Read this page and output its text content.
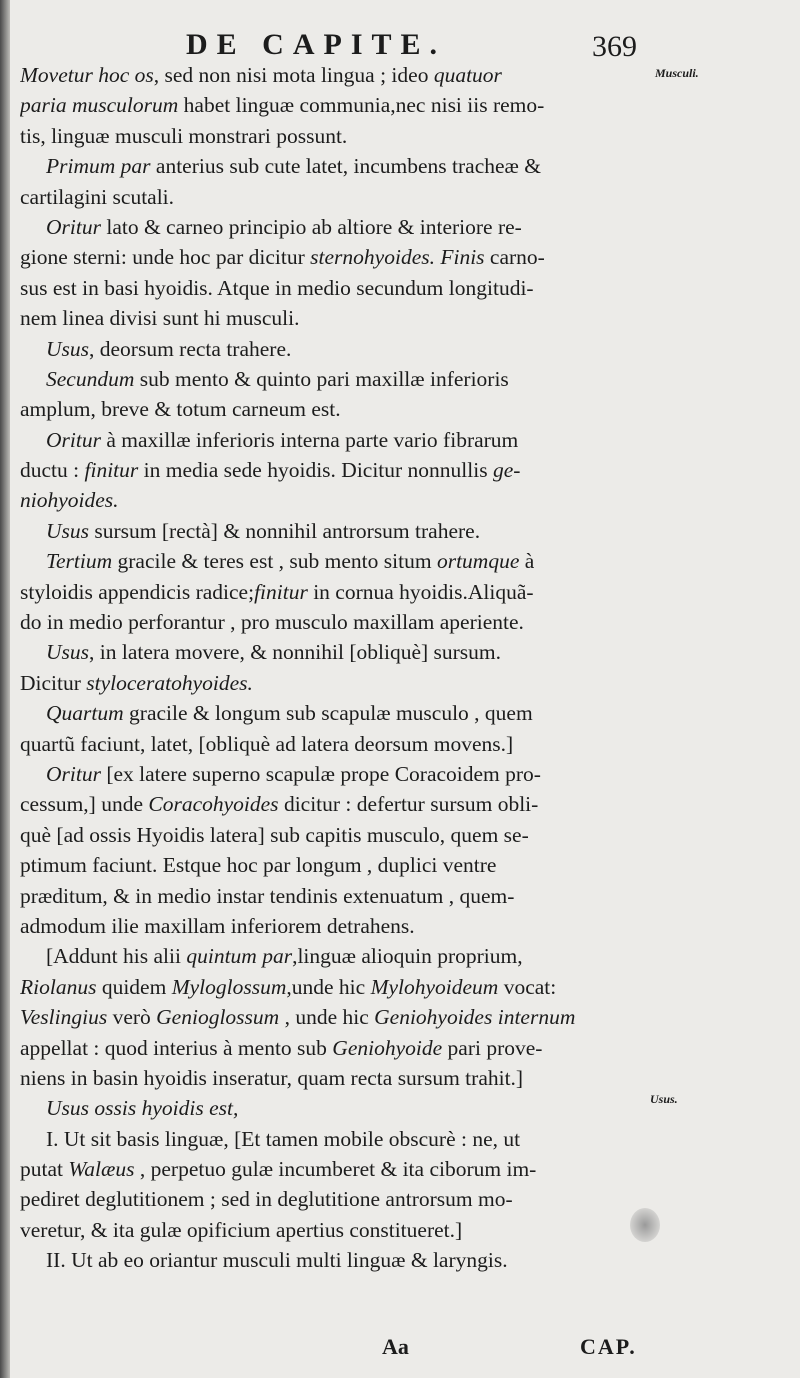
DE CAPITE.	369
Musculi.
Usus.
Movetur hoc os, sed non nisi mota lingua ; ideo quatuor
paria musculorum habet linguæ communia,nec nisi iis remo-
tis, linguæ musculi monstrari possunt.
Primum par anterius sub cute latet, incumbens tracheæ &
cartilagini scutali.
Oritur lato & carneo principio ab altiore & interiore re-
gione sterni: unde hoc par dicitur sternohyoides. Finis carno-
sus est in basi hyoidis. Atque in medio secundum longitudi-
nem linea divisi sunt hi musculi.
Usus, deorsum recta trahere.
Secundum sub mento & quinto pari maxillæ inferioris
amplum, breve & totum carneum est.
Oritur à maxillæ inferioris interna parte vario fibrarum
ductu : finitur in media sede hyoidis. Dicitur nonnullis ge-
niohyoides.
Usus sursum [rectà] & nonnihil antrorsum trahere.
Tertium gracile & teres est , sub mento situm ortumque à
styloidis appendicis radice;finitur in cornua hyoidis.Aliquã-
do in medio perforantur , pro musculo maxillam aperiente.
Usus, in latera movere, & nonnihil [obliquè] sursum.
Dicitur styloceratohyoides.
Quartum gracile & longum sub scapulæ musculo , quem
quartũ faciunt, latet, [obliquè ad latera deorsum movens.]
Oritur [ex latere superno scapulæ prope Coracoidem pro-
cessum,] unde Coracohyoides dicitur : defertur sursum obli-
què [ad ossis Hyoidis latera] sub capitis musculo, quem se-
ptimum faciunt. Estque hoc par longum , duplici ventre
præditum, & in medio instar tendinis extenuatum , quem-
admodum ilie maxillam inferiorem detrahens.
[Addunt his alii quintum par,linguæ alioquin proprium,
Riolanus quidem Myloglossum,unde hic Mylohyoideum vocat:
Veslingius verò Genioglossum , unde hic Geniohyoides internum
appellat : quod interius à mento sub Geniohyoide pari prove-
niens in basin hyoidis inseratur, quam recta sursum trahit.]
Usus ossis hyoidis est,
I. Ut sit basis linguæ, [Et tamen mobile obscurè : ne, ut
putat Walæus , perpetuo gulæ incumberet & ita ciborum im-
pediret deglutitionem ; sed in deglutitione antrorsum mo-
veretur, & ita gulæ opificium apertius constitueret.]
II. Ut ab eo oriantur musculi multi linguæ & laryngis.
Aa	CAP.
